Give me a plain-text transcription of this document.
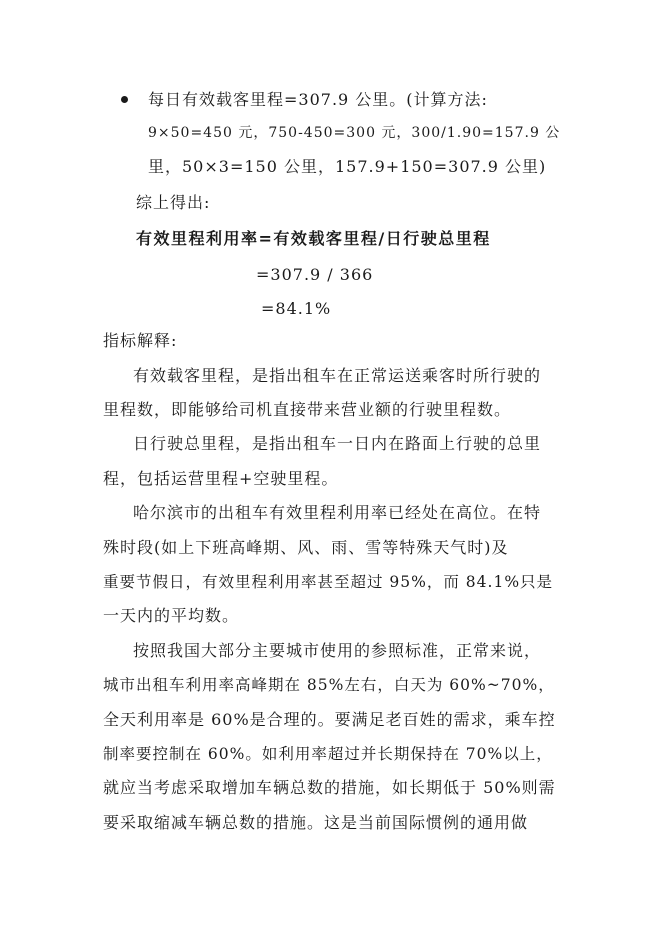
每日有效载客里程=307.9 公里。(计算方法:
9×50=450 元，750-450=300 元，300/1.90=157.9 公
里，50×3=150 公里，157.9+150=307.9 公里)
综上得出:
有效里程利用率=有效载客里程/日行驶总里程
=307.9 / 366
=84.1%
指标解释:
有效载客里程，是指出租车在正常运送乘客时所行驶的
里程数，即能够给司机直接带来营业额的行驶里程数。
日行驶总里程，是指出租车一日内在路面上行驶的总里
程，包括运营里程+空驶里程。
哈尔滨市的出租车有效里程利用率已经处在高位。在特
殊时段(如上下班高峰期、风、雨、雪等特殊天气时)及
重要节假日，有效里程利用率甚至超过 95%，而 84.1%只是
一天内的平均数。
按照我国大部分主要城市使用的参照标准，正常来说，
城市出租车利用率高峰期在 85%左右，白天为 60%~70%，
全天利用率是 60%是合理的。要满足老百姓的需求，乘车控
制率要控制在 60%。如利用率超过并长期保持在 70%以上，
就应当考虑采取增加车辆总数的措施，如长期低于 50%则需
要采取缩减车辆总数的措施。这是当前国际惯例的通用做
